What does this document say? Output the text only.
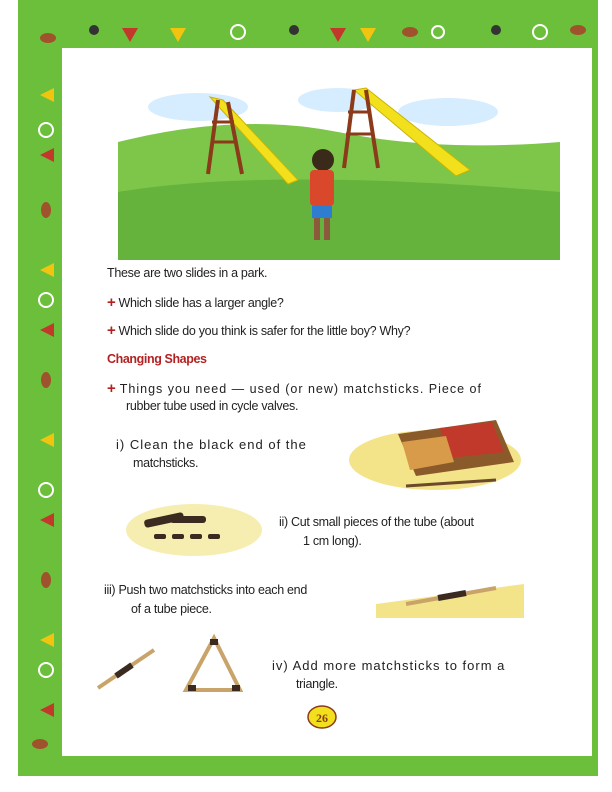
These are two slides in a park.
+ Which slide has a larger angle?
+ Which slide do you think is safer for the little boy? Why?
Changing Shapes
+ Things you need — used (or new) matchsticks. Piece of
rubber tube used in cycle valves.
i) Clean the black end of the
matchsticks.
ii) Cut small pieces of the tube (about
1 cm long).
iii) Push two matchsticks into each end
of a tube piece.
iv) Add more matchsticks to form a
triangle.
$_{26}$
